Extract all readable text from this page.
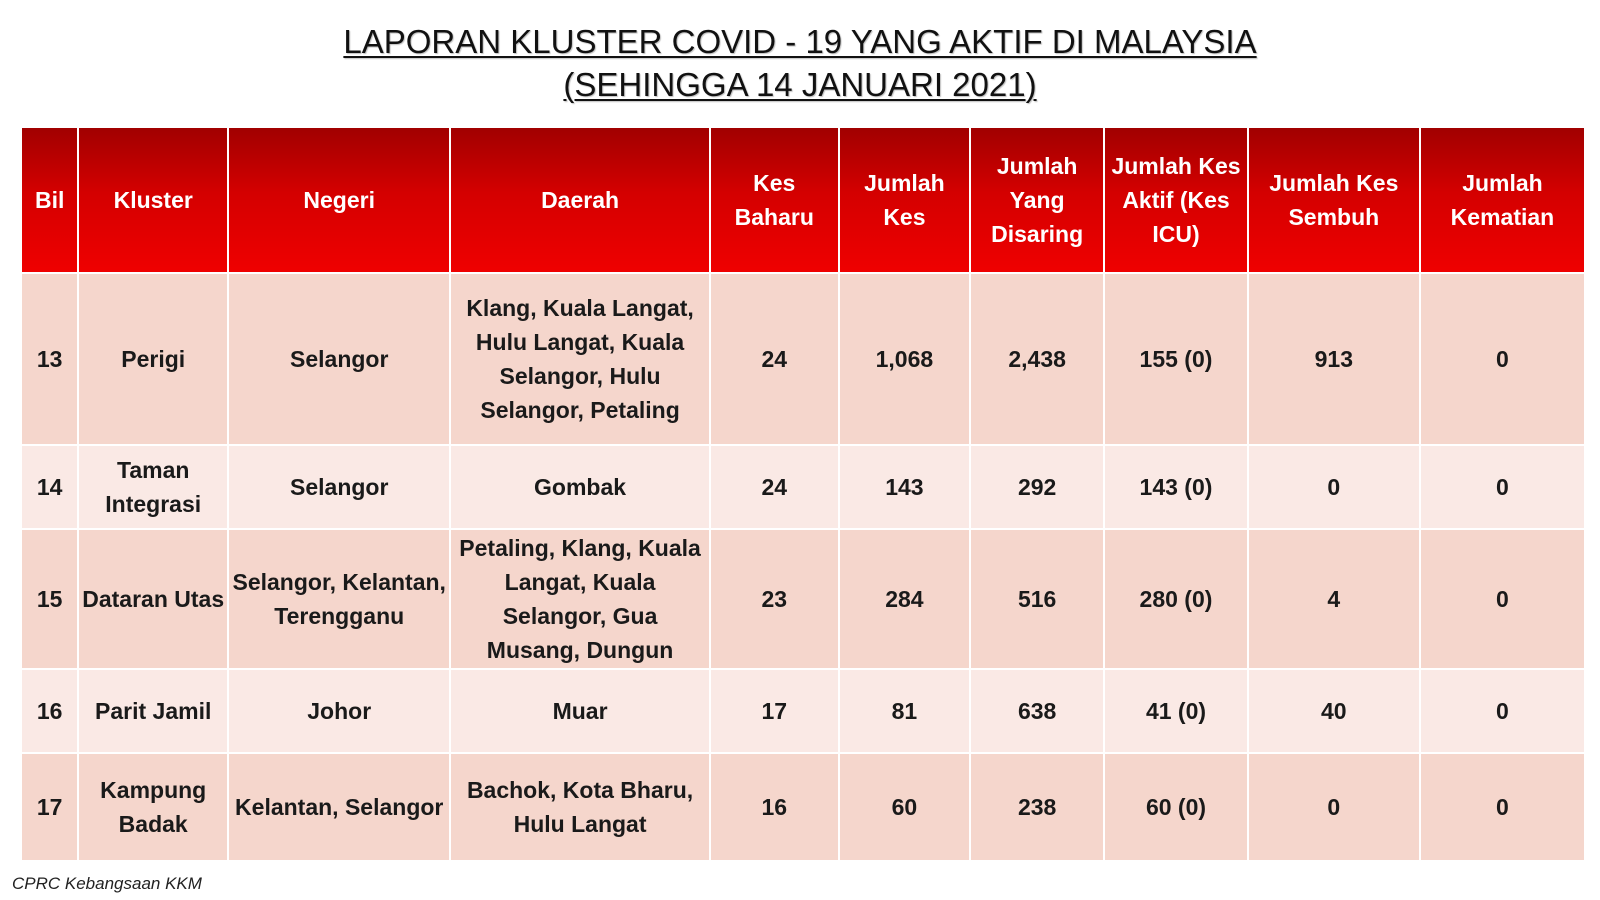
LAPORAN KLUSTER COVID - 19 YANG AKTIF DI MALAYSIA
(SEHINGGA 14 JANUARI 2021)
Bil	Kluster	Negeri	Daerah	Kes Baharu	Jumlah Kes	Jumlah Yang Disaring	Jumlah Kes Aktif (Kes ICU)	Jumlah Kes Sembuh	Jumlah Kematian
13	Perigi	Selangor	Klang, Kuala Langat, Hulu Langat, Kuala Selangor, Hulu Selangor, Petaling	24	1,068	2,438	155 (0)	913	0
14	Taman Integrasi	Selangor	Gombak	24	143	292	143 (0)	0	0
15	Dataran Utas	Selangor, Kelantan, Terengganu	Petaling, Klang, Kuala Langat, Kuala Selangor, Gua Musang, Dungun	23	284	516	280 (0)	4	0
16	Parit Jamil	Johor	Muar	17	81	638	41 (0)	40	0
17	Kampung Badak	Kelantan, Selangor	Bachok, Kota Bharu, Hulu Langat	16	60	238	60 (0)	0	0
CPRC Kebangsaan KKM
